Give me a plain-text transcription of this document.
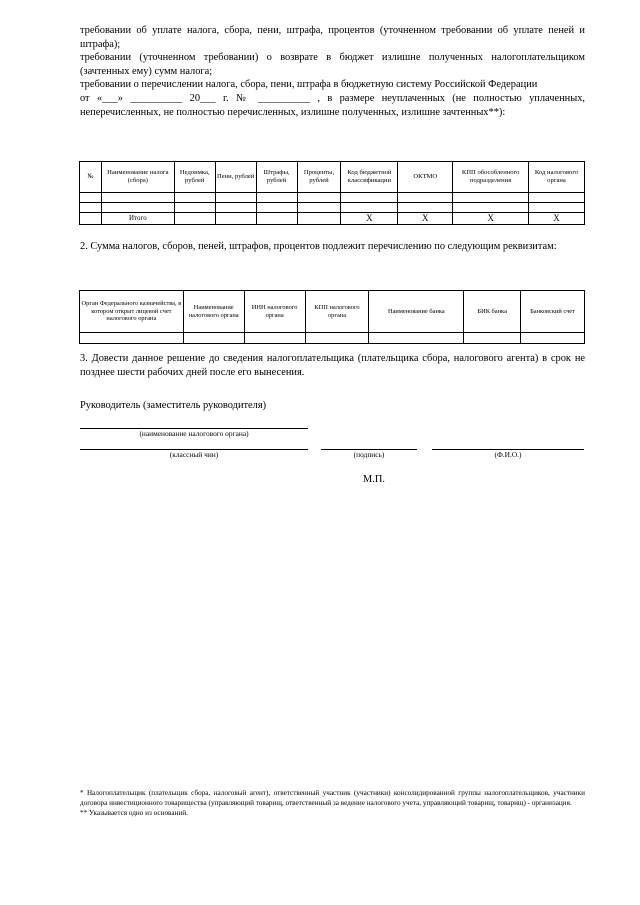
требовании об уплате налога, сбора, пени, штрафа, процентов (уточненном требовании об уплате пеней и штрафа);

требовании (уточненном требовании) о возврате в бюджет излишне полученных налогоплательщиком (зачтенных ему) сумм налога;

требовании о перечислении налога, сбора, пени, штрафа в бюджетную систему Российской Федерации

от «___» __________ 20___ г. № __________ , в размере неуплаченных (не полностью уплаченных, неперечисленных, не полностью перечисленных, излишне полученных, излишне зачтенных**):

№	Наименование налога (сбора)	Недоимка, рублей	Пени, рублей	Штрафы, рублей	Проценты, рублей	Код бюджетной классификации	ОКТМО	КПП обособленного подразделения	Код налогового органа

	Итого					X	X	X	X
2. Сумма налогов, сборов, пеней, штрафов, процентов подлежит перечислению по следующим реквизитам:
Орган Федерального казначейства, в котором открыт лицевой счет налогового органа	Наименование налогового органа	ИНН налогового органа	КПП налогового органа	Наименование банка	БИК банка	Банковский счет

3. Довести данное решение до сведения налогоплательщика (плательщика сбора, налогового агента) в срок не позднее шести рабочих дней после его вынесения.
Руководитель (заместитель руководителя)
(наименование налогового органа)
(классный чин)	(подпись)	(Ф.И.О.)
М.П.

* Налогоплательщик (плательщик сбора, налоговый агент), ответственный участник (участники) консолидированной группы налогоплательщиков, участники договора инвестиционного товарищества (управляющий товарищ, ответственный за ведение налогового учета, управляющий товарищ, товарищ) - организация.

** Указывается одно из оснований.
